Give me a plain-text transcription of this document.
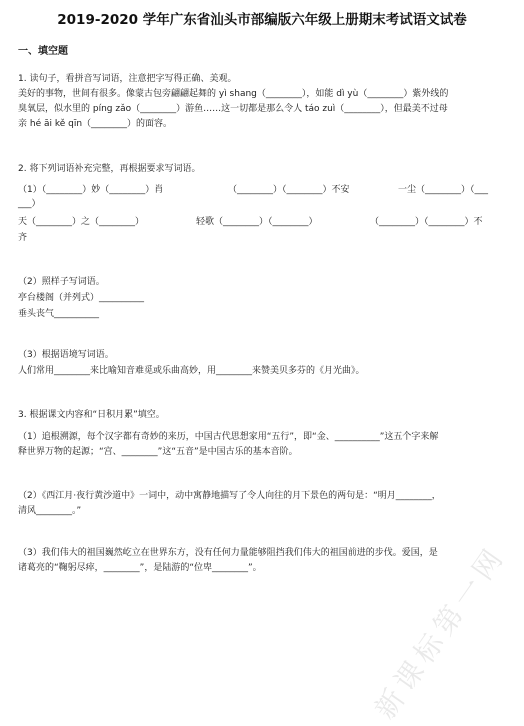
2019-2020 学年广东省汕头市部编版六年级上册期末考试语文试卷
一、填空题
1. 读句子，看拼音写词语，注意把字写得正确、美观。
美好的事物，世间有很多。像蒙古包旁翩翩起舞的 yì shang（________），如能 dì yù（________）紫外线的
臭氧层，似水里的 píng zǎo（________）游鱼……这一切都是那么令人 táo zuì（________），但最美不过母
亲 hé āi kě qīn（________）的面容。
2. 将下列词语补充完整，再根据要求写词语。
（1）（________）妙（________）肖	（________）（________）不安	一尘（________）（___
___）
天（________）之（________）	轻歌（________）（________）	（________）（________）不
齐
（2）照样子写词语。
亭台楼阁（并列式）__________
垂头丧气__________
（3）根据语境写词语。
人们常用________来比喻知音难觅或乐曲高妙，用________来赞美贝多芬的《月光曲》。
3. 根据课文内容和“日积月累”填空。
（1）追根溯源，每个汉字都有奇妙的来历，中国古代思想家用“五行”，即“金、__________”这五个字来解
释世界万物的起源；“宫、________”这“五音”是中国古乐的基本音阶。
（2）《西江月·夜行黄沙道中》一词中，动中寓静地描写了令人向往的月下景色的两句是：“明月________，
清风________。”
（3）我们伟大的祖国巍然屹立在世界东方，没有任何力量能够阻挡我们伟大的祖国前进的步伐。爱国，是
诸葛亮的“鞠躬尽瘁，________”，是陆游的“位卑________”。	新课标第一网
